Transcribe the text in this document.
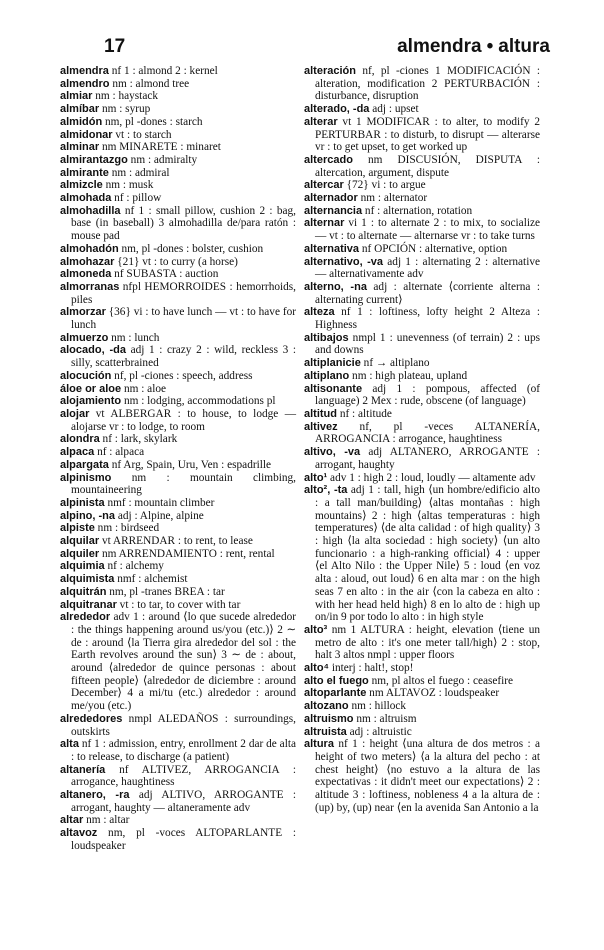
17	almendra • altura

almendra nf 1 : almond 2 : kernel

almendro nm : almond tree

almiar nm : haystack

almíbar nm : syrup

almidón nm, pl -dones : starch

almidonar vt : to starch

alminar nm MINARETE : minaret

almirantazgo nm : admiralty

almirante nm : admiral

almizcle nm : musk

almohada nf : pillow

almohadilla nf 1 : small pillow, cushion 2 : bag, base (in baseball) 3 almohadilla de/para ratón : mouse pad

almohadón nm, pl -dones : bolster, cushion

almohazar {21} vt : to curry (a horse)

almoneda nf SUBASTA : auction

almorranas nfpl HEMORROIDES : hemorrhoids, piles

almorzar {36} vi : to have lunch — vt : to have for lunch

almuerzo nm : lunch

alocado, -da adj 1 : crazy 2 : wild, reckless 3 : silly, scatterbrained

alocución nf, pl -ciones : speech, address

áloe or aloe nm : aloe

alojamiento nm : lodging, accommodations pl

alojar vt ALBERGAR : to house, to lodge — alojarse vr : to lodge, to room

alondra nf : lark, skylark

alpaca nf : alpaca

alpargata nf Arg, Spain, Uru, Ven : espadrille

alpinismo nm : mountain climbing, mountaineering

alpinista nmf : mountain climber

alpino, -na adj : Alpine, alpine

alpiste nm : birdseed

alquilar vt ARRENDAR : to rent, to lease

alquiler nm ARRENDAMIENTO : rent, rental

alquimia nf : alchemy

alquimista nmf : alchemist

alquitrán nm, pl -tranes BREA : tar

alquitranar vt : to tar, to cover with tar

alrededor adv 1 : around ⟨lo que sucede alrededor : the things happening around us/you (etc.)⟩ 2 ∼ de : around ⟨la Tierra gira alrededor del sol : the Earth revolves around the sun⟩ 3 ∼ de : about, around ⟨alrededor de quince personas : about fifteen people⟩ ⟨alrededor de diciembre : around December⟩ 4 a mi/tu (etc.) alrededor : around me/you (etc.)

alrededores nmpl ALEDAÑOS : surroundings, outskirts

alta nf 1 : admission, entry, enrollment 2 dar de alta : to release, to discharge (a patient)

altanería nf ALTIVEZ, ARROGANCIA : arrogance, haughtiness

altanero, -ra adj ALTIVO, ARROGANTE : arrogant, haughty — altaneramente adv

altar nm : altar

altavoz nm, pl -voces ALTOPARLANTE : loudspeaker

alteración nf, pl -ciones 1 MODIFICACIÓN : alteration, modification 2 PERTURBACIÓN : disturbance, disruption

alterado, -da adj : upset

alterar vt 1 MODIFICAR : to alter, to modify 2 PERTURBAR : to disturb, to disrupt — alterarse vr : to get upset, to get worked up

altercado nm DISCUSIÓN, DISPUTA : altercation, argument, dispute

altercar {72} vi : to argue

alternador nm : alternator

alternancia nf : alternation, rotation

alternar vi 1 : to alternate 2 : to mix, to socialize — vt : to alternate — alternarse vr : to take turns

alternativa nf OPCIÓN : alternative, option

alternativo, -va adj 1 : alternating 2 : alternative — alternativamente adv

alterno, -na adj : alternate ⟨corriente alterna : alternating current⟩

alteza nf 1 : loftiness, lofty height 2 Alteza : Highness

altibajos nmpl 1 : unevenness (of terrain) 2 : ups and downs

altiplanicie nf → altiplano

altiplano nm : high plateau, upland

altisonante adj 1 : pompous, affected (of language) 2 Mex : rude, obscene (of language)

altitud nf : altitude

altivez nf, pl -veces ALTANERÍA, ARROGANCIA : arrogance, haughtiness

altivo, -va adj ALTANERO, ARROGANTE : arrogant, haughty

alto¹ adv 1 : high 2 : loud, loudly — altamente adv

alto², -ta adj 1 : tall, high ⟨un hombre/edificio alto : a tall man/building⟩ ⟨altas montañas : high mountains⟩ 2 : high ⟨altas temperaturas : high temperatures⟩ ⟨de alta calidad : of high quality⟩ 3 : high ⟨la alta sociedad : high society⟩ ⟨un alto funcionario : a high-ranking official⟩ 4 : upper ⟨el Alto Nilo : the Upper Nile⟩ 5 : loud ⟨en voz alta : aloud, out loud⟩ 6 en alta mar : on the high seas 7 en alto : in the air ⟨con la cabeza en alto : with her head held high⟩ 8 en lo alto de : high up on/in 9 por todo lo alto : in high style

alto³ nm 1 ALTURA : height, elevation ⟨tiene un metro de alto : it's one meter tall/high⟩ 2 : stop, halt 3 altos nmpl : upper floors

alto⁴ interj : halt!, stop!

alto el fuego nm, pl altos el fuego : ceasefire

altoparlante nm ALTAVOZ : loudspeaker

altozano nm : hillock

altruismo nm : altruism

altruista adj : altruistic

altura nf 1 : height ⟨una altura de dos metros : a height of two meters⟩ ⟨a la altura del pecho : at chest height⟩ ⟨no estuvo a la altura de las expectativas : it didn't meet our expectations⟩ 2 : altitude 3 : loftiness, nobleness 4 a la altura de : (up) by, (up) near ⟨en la avenida San Antonio a la
